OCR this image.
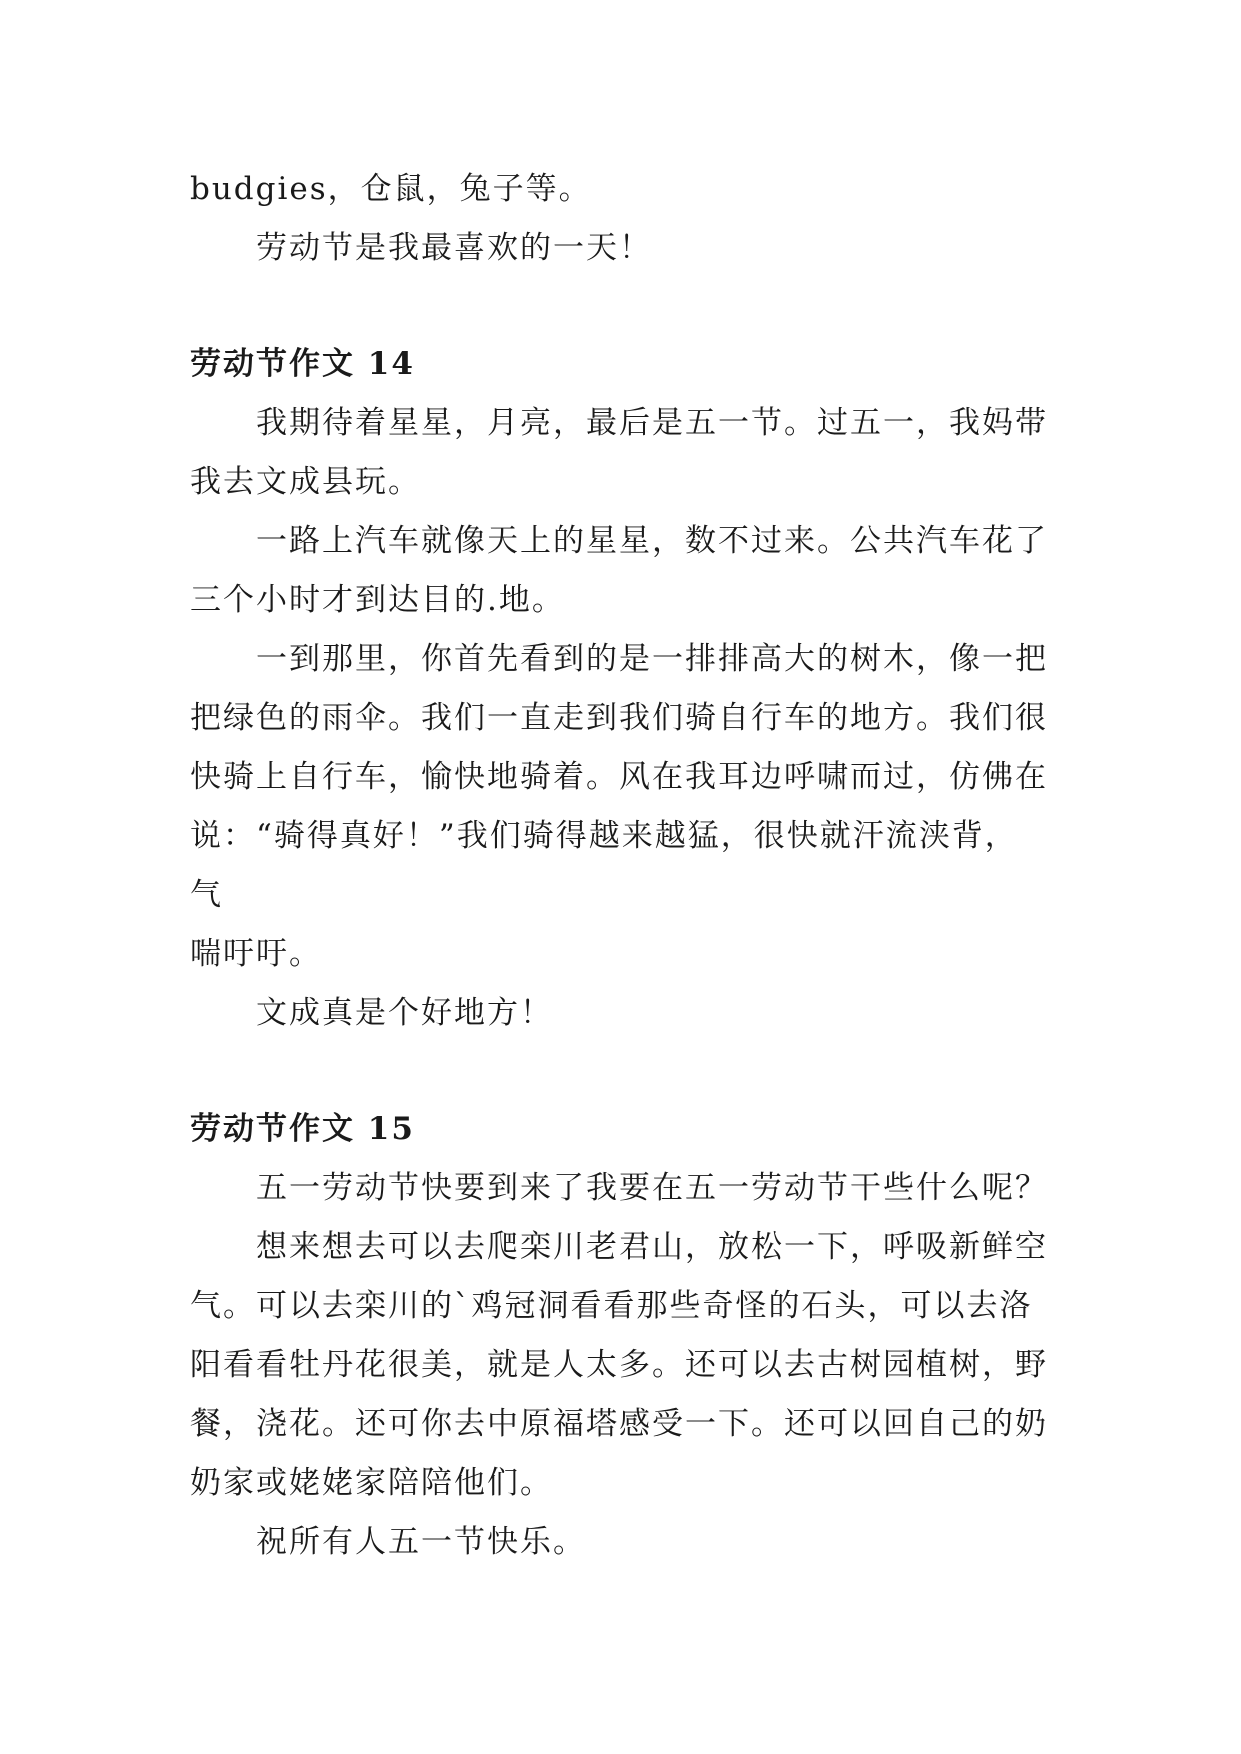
budgies，仓鼠，兔子等。

劳动节是我最喜欢的一天！

劳动节作文 14

我期待着星星，月亮，最后是五一节。过五一，我妈带

我去文成县玩。

一路上汽车就像天上的星星，数不过来。公共汽车花了

三个小时才到达目的.地。

一到那里，你首先看到的是一排排高大的树木，像一把

把绿色的雨伞。我们一直走到我们骑自行车的地方。我们很

快骑上自行车，愉快地骑着。风在我耳边呼啸而过，仿佛在

说：“骑得真好！”我们骑得越来越猛，很快就汗流浃背，气

喘吁吁。

文成真是个好地方！

劳动节作文 15

五一劳动节快要到来了我要在五一劳动节干些什么呢？

想来想去可以去爬栾川老君山，放松一下，呼吸新鲜空

气。可以去栾川的`鸡冠洞看看那些奇怪的石头，可以去洛

阳看看牡丹花很美，就是人太多。还可以去古树园植树，野

餐，浇花。还可你去中原福塔感受一下。还可以回自己的奶

奶家或姥姥家陪陪他们。

祝所有人五一节快乐。
